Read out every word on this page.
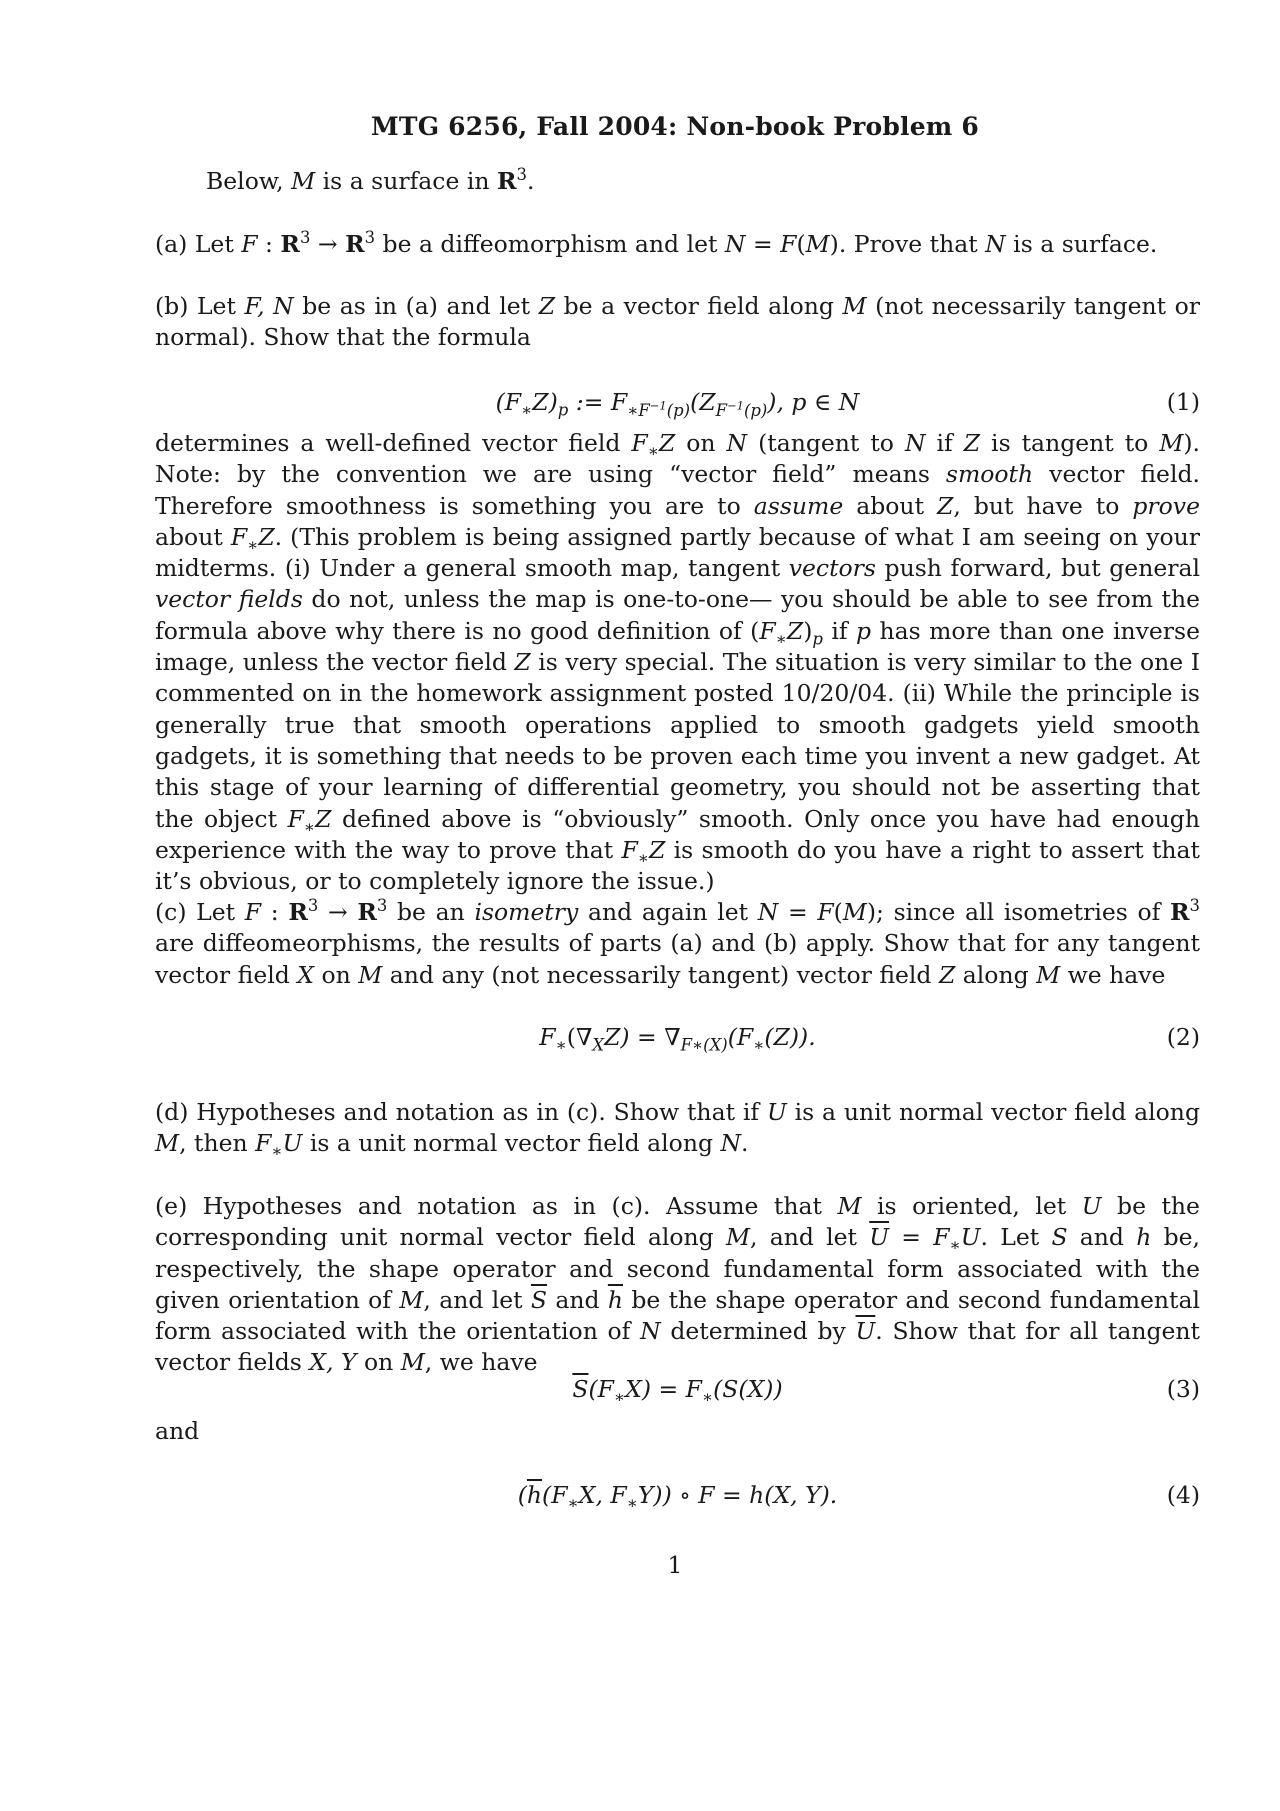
MTG 6256, Fall 2004: Non-book Problem 6
Below, M is a surface in $R^3$.
(a) Let F : $R^3 \to R^3$ be a diffeomorphism and let N = F(M). Prove that N is a surface.
(b) Let F, N be as in (a) and let Z be a vector field along M (not necessarily tangent or normal). Show that the formula
$(F_∗Z)_p$ := $F_{∗F^{-1}(p)}(Z_{F^{-1}(p)})$, p ∈ N	(1)
determines a well-defined vector field $F_∗Z$ on N (tangent to N if Z is tangent to M). Note: by the convention we are using “vector field” means smooth vector field. Therefore smoothness is something you are to assume about Z, but have to prove about $F_∗Z$. (This problem is being assigned partly because of what I am seeing on your midterms. (i) Under a general smooth map, tangent vectors push forward, but general vector fields do not, unless the map is one-to-one— you should be able to see from the formula above why there is no good definition of $(F_∗Z)_p$ if p has more than one inverse image, unless the vector field Z is very special. The situation is very similar to the one I commented on in the homework assignment posted 10/20/04. (ii) While the principle is generally true that smooth operations applied to smooth gadgets yield smooth gadgets, it is something that needs to be proven each time you invent a new gadget. At this stage of your learning of differential geometry, you should not be asserting that the object $F_∗Z$ defined above is “obviously” smooth. Only once you have had enough experience with the way to prove that $F_∗Z$ is smooth do you have a right to assert that it’s obvious, or to completely ignore the issue.)
(c) Let F : $R^3 \to R^3$ be an isometry and again let N = F(M); since all isometries of $R^3$ are diffeomeorphisms, the results of parts (a) and (b) apply. Show that for any tangent vector field X on M and any (not necessarily tangent) vector field Z along M we have
$F_∗(\nabla_XZ) = \nabla_{F∗(X)}(F_∗(Z))$.	(2)
(d) Hypotheses and notation as in (c). Show that if U is a unit normal vector field along M, then $F_∗U$ is a unit normal vector field along N.
(e) Hypotheses and notation as in (c). Assume that M is oriented, let U be the corresponding unit normal vector field along M, and let $\overline{U} = F_∗U$. Let S and h be, respectively, the shape operator and second fundamental form associated with the given orientation of M, and let $\overline{S}$ and $\overline{h}$ be the shape operator and second fundamental form associated with the orientation of N determined by $\overline{U}$. Show that for all tangent vector fields X, Y on M, we have
$\overline{S}(F_∗X) = F_∗(S(X))$	(3)
and
($\overline{h}(F_∗X$, $F_∗Y$)) ∘ F = h(X, Y).	(4)
1
